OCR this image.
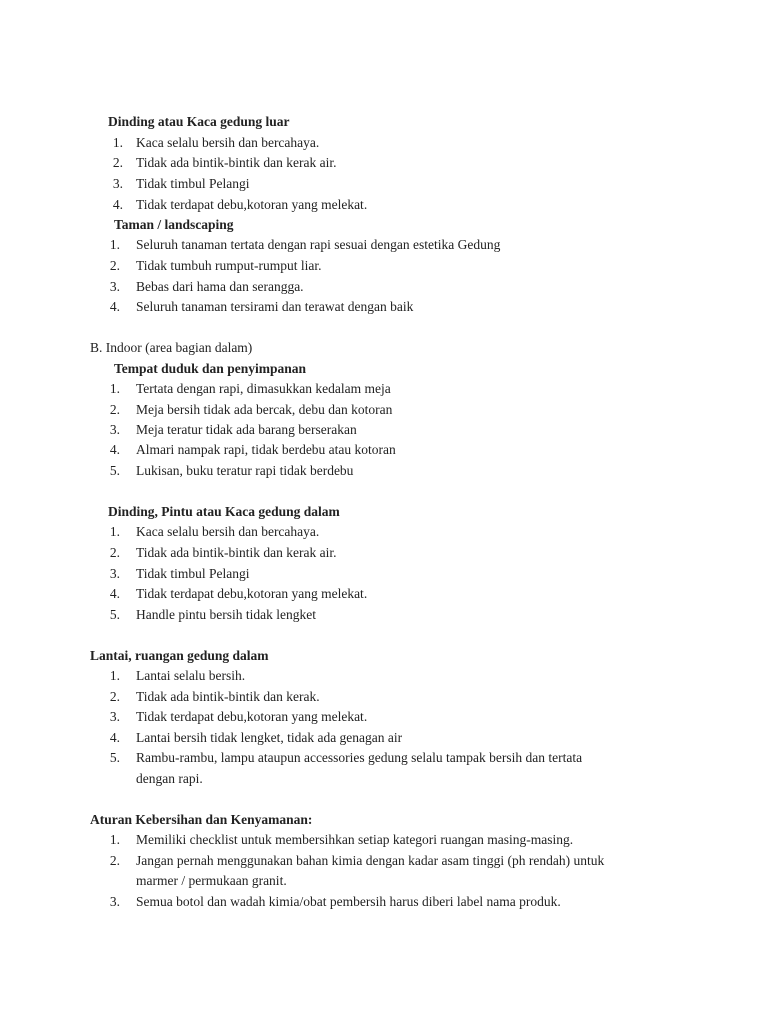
Dinding atau Kaca gedung luar
1. Kaca selalu bersih dan bercahaya.
2. Tidak ada bintik-bintik dan kerak air.
3. Tidak timbul Pelangi
4. Tidak terdapat debu,kotoran yang melekat.
Taman / landscaping
1. Seluruh tanaman tertata dengan rapi sesuai dengan estetika Gedung
2. Tidak tumbuh rumput-rumput liar.
3. Bebas dari hama dan serangga.
4. Seluruh tanaman tersirami dan terawat dengan baik
B. Indoor (area bagian dalam)
Tempat duduk dan penyimpanan
1. Tertata dengan rapi, dimasukkan kedalam meja
2. Meja bersih tidak ada bercak, debu dan kotoran
3. Meja teratur tidak ada barang berserakan
4. Almari nampak rapi, tidak berdebu atau kotoran
5. Lukisan, buku teratur rapi tidak berdebu
Dinding, Pintu atau Kaca gedung dalam
1. Kaca selalu bersih dan bercahaya.
2. Tidak ada bintik-bintik dan kerak air.
3. Tidak timbul Pelangi
4. Tidak terdapat debu,kotoran yang melekat.
5. Handle pintu bersih tidak lengket
Lantai, ruangan gedung dalam
1. Lantai selalu bersih.
2. Tidak ada bintik-bintik dan kerak.
3. Tidak terdapat debu,kotoran yang melekat.
4. Lantai bersih tidak lengket, tidak ada genagan air
5. Rambu-rambu, lampu ataupun accessories gedung selalu tampak bersih dan tertata
dengan rapi.
Aturan Kebersihan dan Kenyamanan:
1. Memiliki checklist untuk membersihkan setiap kategori ruangan masing-masing.
2. Jangan pernah menggunakan bahan kimia dengan kadar asam tinggi (ph rendah) untuk
marmer / permukaan granit.
3. Semua botol dan wadah kimia/obat pembersih harus diberi label nama produk.
